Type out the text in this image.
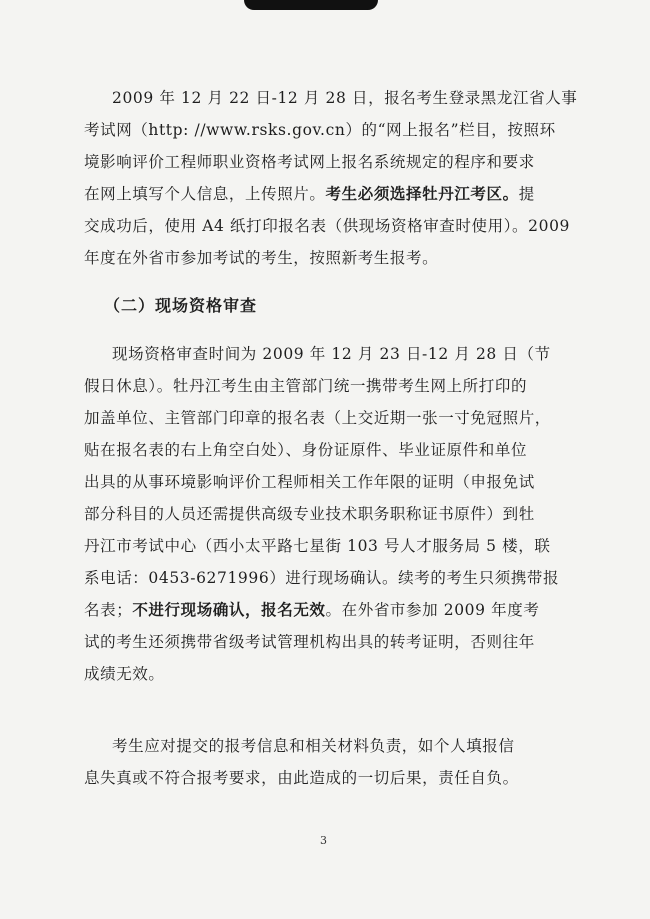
2009 年 12 月 22 日-12 月 28 日，报名考生登录黑龙江省人事
考试网（http: //www.rsks.gov.cn）的“网上报名”栏目，按照环
境影响评价工程师职业资格考试网上报名系统规定的程序和要求
在网上填写个人信息，上传照片。考生必须选择牡丹江考区。提
交成功后，使用 A4 纸打印报名表（供现场资格审查时使用）。2009
年度在外省市参加考试的考生，按照新考生报考。
（二）现场资格审查
现场资格审查时间为 2009 年 12 月 23 日-12 月 28 日（节
假日休息）。牡丹江考生由主管部门统一携带考生网上所打印的
加盖单位、主管部门印章的报名表（上交近期一张一寸免冠照片，
贴在报名表的右上角空白处）、身份证原件、毕业证原件和单位
出具的从事环境影响评价工程师相关工作年限的证明（申报免试
部分科目的人员还需提供高级专业技术职务职称证书原件）到牡
丹江市考试中心（西小太平路七星街 103 号人才服务局 5 楼，联
系电话：0453-6271996）进行现场确认。续考的考生只须携带报
名表；不进行现场确认，报名无效。在外省市参加 2009 年度考
试的考生还须携带省级考试管理机构出具的转考证明，否则往年
成绩无效。
考生应对提交的报考信息和相关材料负责，如个人填报信
息失真或不符合报考要求，由此造成的一切后果，责任自负。
3
